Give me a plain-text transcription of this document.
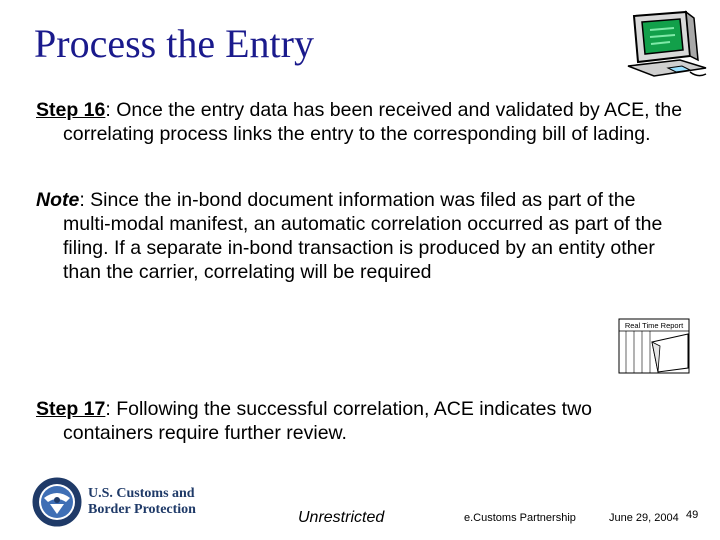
Process the Entry
Step 16: Once the entry data has been received and validated by ACE, the correlating process links the entry to the corresponding bill of lading.
Note: Since the in-bond document information was filed as part of the multi-modal manifest, an automatic correlation occurred as part of the filing. If a separate in-bond transaction is produced by an entity other than the carrier, correlating will be required
Real Time Report
Step 17: Following the successful correlation, ACE indicates two containers require further review.
U.S. Customs and
Border Protection	Unrestricted	e.Customs Partnership	June 29, 2004 49
